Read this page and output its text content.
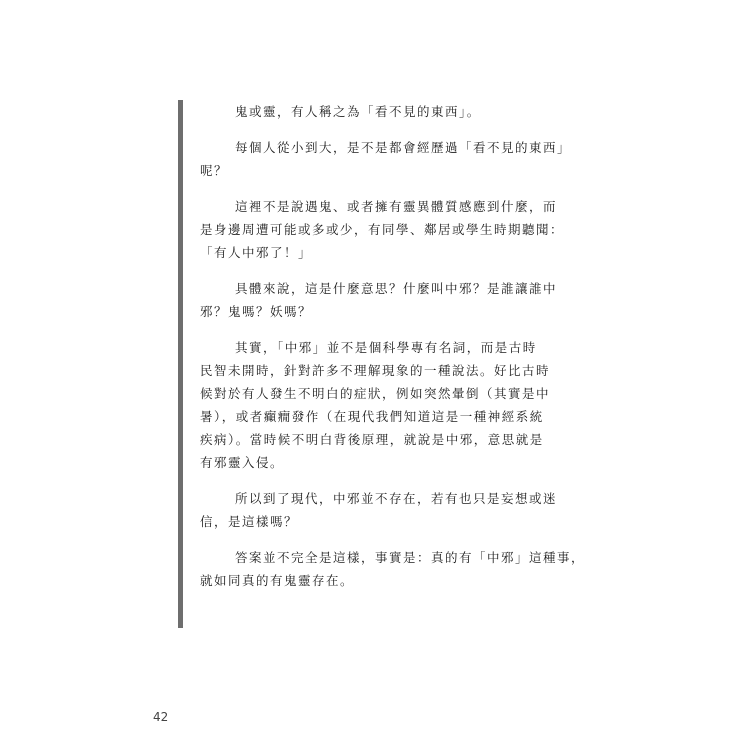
鬼或靈，有人稱之為「看不見的東西」。

每個人從小到大，是不是都會經歷過「看不見的東西」
呢？

這裡不是說遇鬼、或者擁有靈異體質感應到什麼，而
是身邊周遭可能或多或少，有同學、鄰居或學生時期聽聞：
「有人中邪了！」

具體來說，這是什麼意思？什麼叫中邪？是誰讓誰中
邪？鬼嗎？妖嗎？

其實，「中邪」並不是個科學專有名詞，而是古時
民智未開時，針對許多不理解現象的一種說法。好比古時
候對於有人發生不明白的症狀，例如突然暈倒（其實是中
暑），或者癲癇發作（在現代我們知道這是一種神經系統
疾病）。當時候不明白背後原理，就說是中邪，意思就是
有邪靈入侵。

所以到了現代，中邪並不存在，若有也只是妄想或迷
信，是這樣嗎？

答案並不完全是這樣，事實是：真的有「中邪」這種事，
就如同真的有鬼靈存在。

42
